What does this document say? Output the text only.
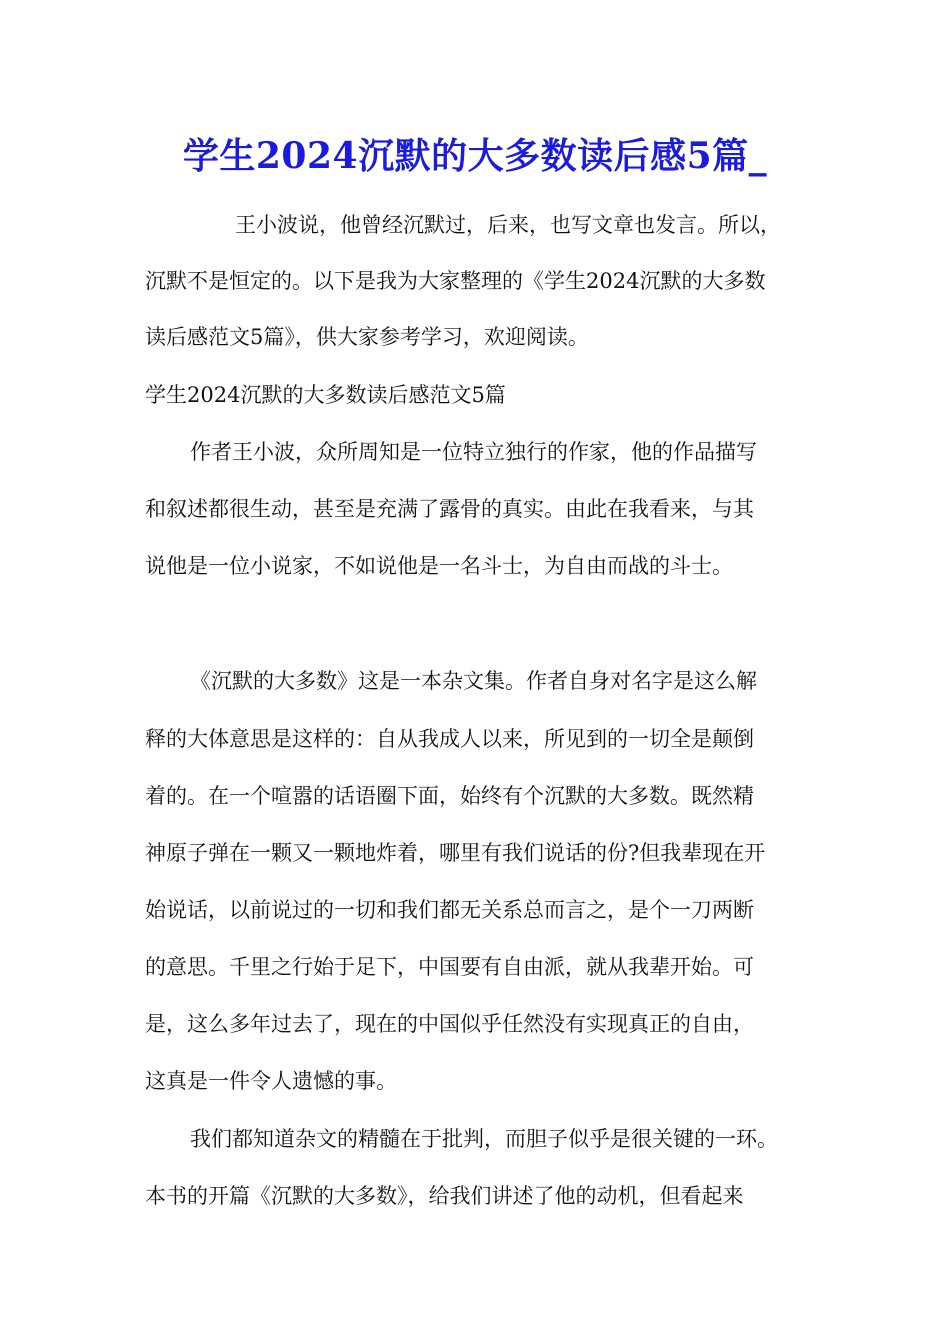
学生2024沉默的大多数读后感5篇_
王小波说，他曾经沉默过，后来，也写文章也发言。所以，
沉默不是恒定的。以下是我为大家整理的《学生2024沉默的大多数
读后感范文5篇》，供大家参考学习，欢迎阅读。
学生2024沉默的大多数读后感范文5篇
作者王小波，众所周知是一位特立独行的作家，他的作品描写
和叙述都很生动，甚至是充满了露骨的真实。由此在我看来，与其
说他是一位小说家，不如说他是一名斗士，为自由而战的斗士。
《沉默的大多数》这是一本杂文集。作者自身对名字是这么解
释的大体意思是这样的：自从我成人以来，所见到的一切全是颠倒
着的。在一个喧嚣的话语圈下面，始终有个沉默的大多数。既然精
神原子弹在一颗又一颗地炸着，哪里有我们说话的份?但我辈现在开
始说话，以前说过的一切和我们都无关系总而言之，是个一刀两断
的意思。千里之行始于足下，中国要有自由派，就从我辈开始。可
是，这么多年过去了，现在的中国似乎任然没有实现真正的自由，
这真是一件令人遗憾的事。
我们都知道杂文的精髓在于批判，而胆子似乎是很关键的一环。
本书的开篇《沉默的大多数》，给我们讲述了他的动机，但看起来
